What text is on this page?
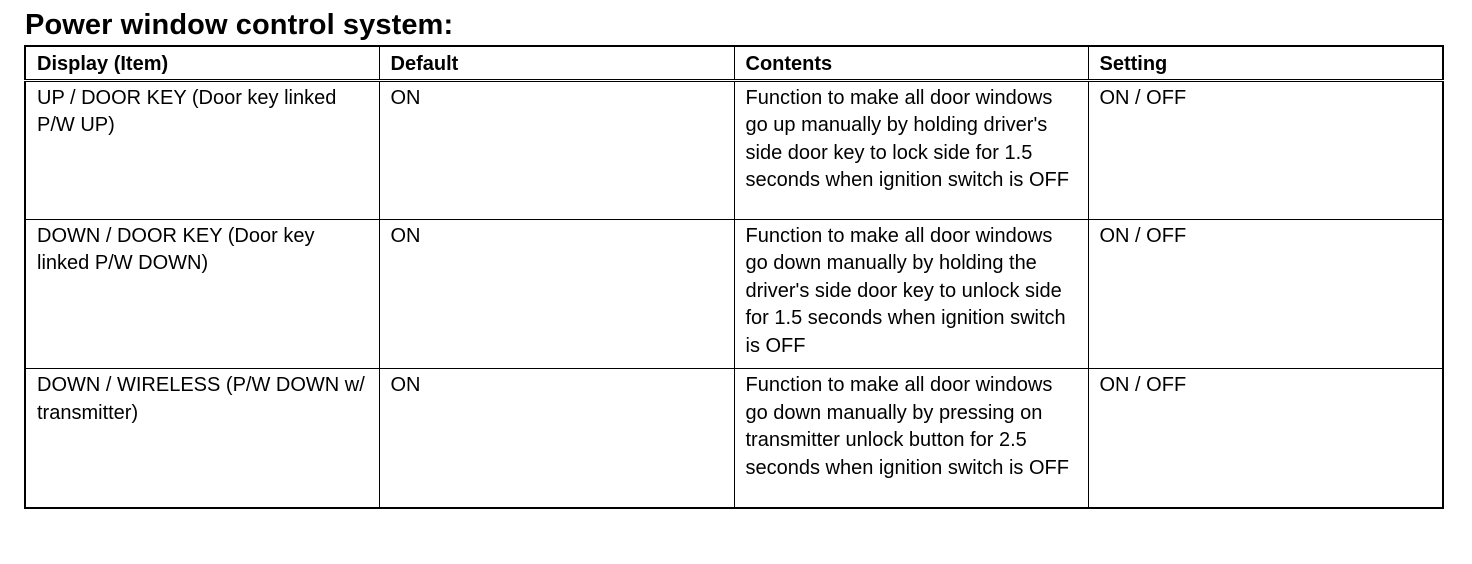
Power window control system:
Display (Item)	Default	Contents	Setting

UP / DOOR KEY (Door key linked P/W UP)	ON	Function to make all door windows go up manually by holding driver's side door key to lock side for 1.5 seconds when ignition switch is OFF	ON / OFF

DOWN / DOOR KEY (Door key linked P/W DOWN)	ON	Function to make all door windows go down manually by holding the driver's side door key to unlock side for 1.5 seconds when ignition switch is OFF	ON / OFF

DOWN / WIRELESS (P/W DOWN w/ transmitter)	ON	Function to make all door windows go down manually by pressing on transmitter unlock button for 2.5 seconds when ignition switch is OFF	ON / OFF
